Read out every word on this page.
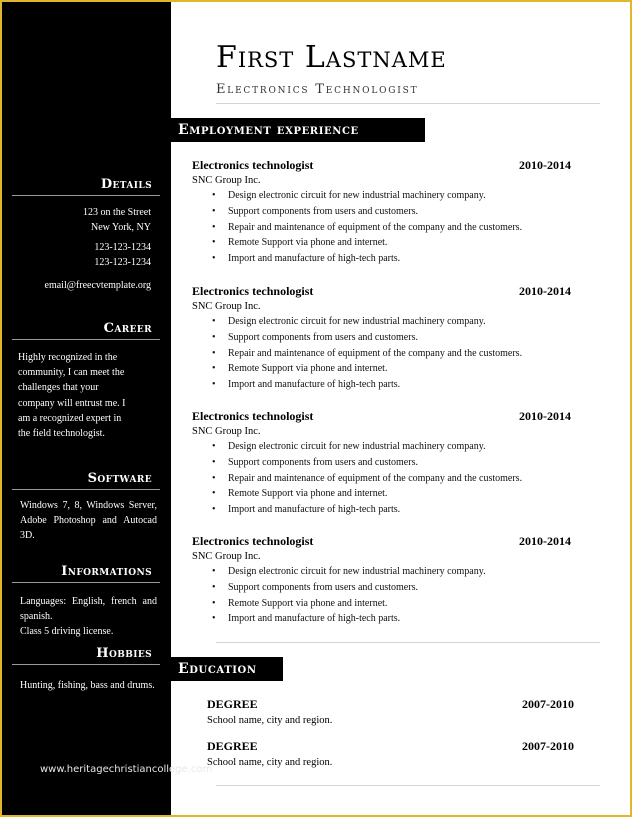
Details
123 on the Street
New York, NY
123-123-1234
123-123-1234
email@freecvtemplate.org
Career
Highly recognized in the
community, I can meet the
challenges that your
company will entrust me. I
am a recognized expert in
the field technologist.
Software
Windows 7, 8, Windows Server, Adobe Photoshop and Autocad 3D.
Informations
Languages: English, french and spanish.
Class 5 driving license.
Hobbies
Hunting, fishing, bass and drums.
www.heritagechristiancollege.com
First Lastname
Electronics Technologist
Employment experience
Electronics technologist	2010-2014
SNC Group Inc.
• Design electronic circuit for new industrial machinery company.
• Support components from users and customers.
• Repair and maintenance of equipment of the company and the customers.
• Remote Support via phone and internet.
• Import and manufacture of high-tech parts.
Electronics technologist	2010-2014
SNC Group Inc.
• Design electronic circuit for new industrial machinery company.
• Support components from users and customers.
• Repair and maintenance of equipment of the company and the customers.
• Remote Support via phone and internet.
• Import and manufacture of high-tech parts.
Electronics technologist	2010-2014
SNC Group Inc.
• Design electronic circuit for new industrial machinery company.
• Support components from users and customers.
• Repair and maintenance of equipment of the company and the customers.
• Remote Support via phone and internet.
• Import and manufacture of high-tech parts.
Electronics technologist	2010-2014
SNC Group Inc.
• Design electronic circuit for new industrial machinery company.
• Support components from users and customers.
• Remote Support via phone and internet.
• Import and manufacture of high-tech parts.
Education
DEGREE	2007-2010
School name, city and region.
DEGREE	2007-2010
School name, city and region.
